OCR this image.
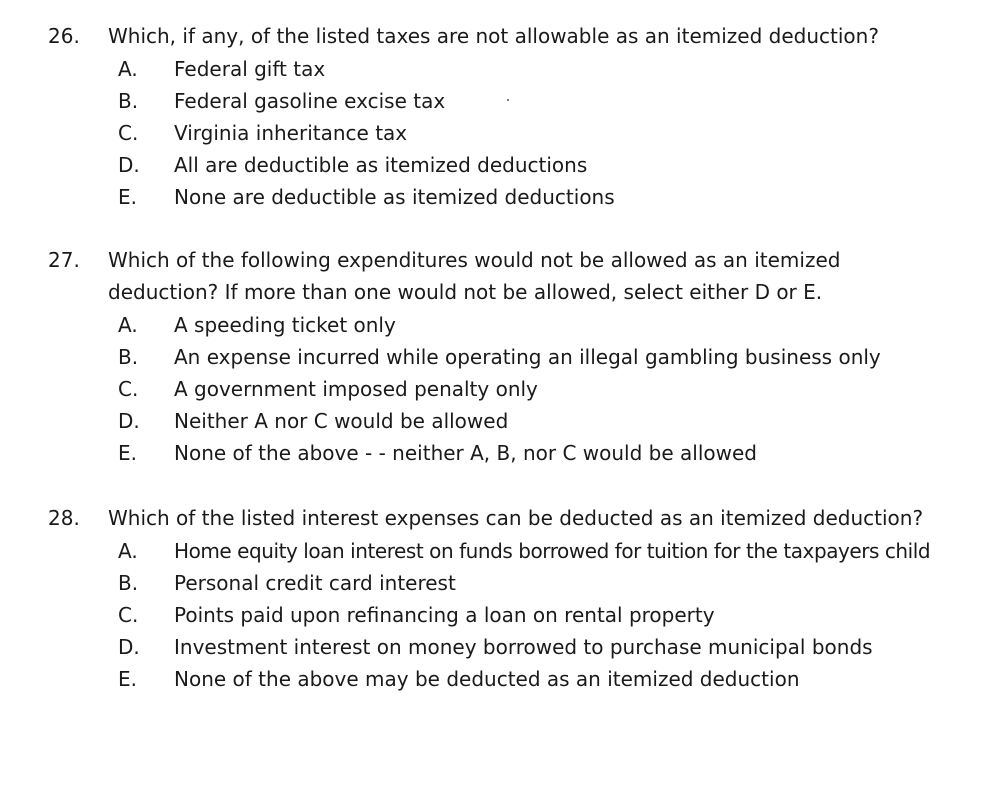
26. Which, if any, of the listed taxes are not allowable as an itemized deduction?
A. Federal gift tax
B. Federal gasoline excise tax
C. Virginia inheritance tax
D. All are deductible as itemized deductions
E. None are deductible as itemized deductions
27. Which of the following expenditures would not be allowed as an itemized
deduction? If more than one would not be allowed, select either D or E.
A. A speeding ticket only
B. An expense incurred while operating an illegal gambling business only
C. A government imposed penalty only
D. Neither A nor C would be allowed
E. None of the above - - neither A, B, nor C would be allowed
28. Which of the listed interest expenses can be deducted as an itemized deduction?
A. Home equity loan interest on funds borrowed for tuition for the taxpayers child
B. Personal credit card interest
C. Points paid upon refinancing a loan on rental property
D. Investment interest on money borrowed to purchase municipal bonds
E. None of the above may be deducted as an itemized deduction
